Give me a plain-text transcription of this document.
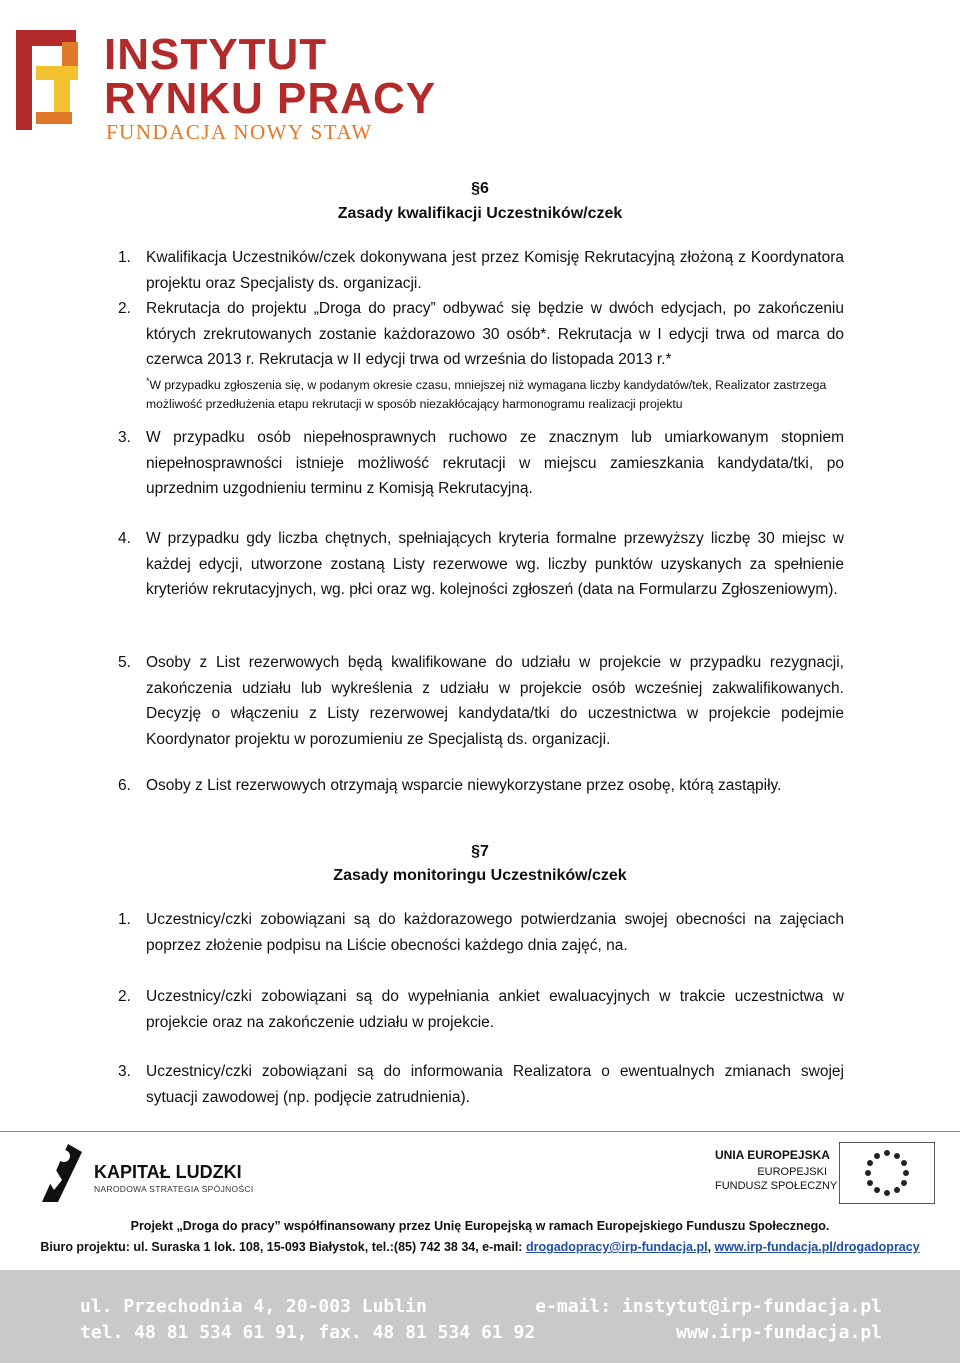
INSTYTUT
RYNKU PRACY
FUNDACJA NOWY STAW
§6
Zasady kwalifikacji Uczestników/czek
1. Kwalifikacja Uczestników/czek dokonywana jest przez Komisję Rekrutacyjną złożoną z Koordynatora projektu oraz Specjalisty ds. organizacji.
2. Rekrutacja do projektu „Droga do pracy” odbywać się będzie w dwóch edycjach, po zakończeniu których zrekrutowanych zostanie każdorazowo 30 osób*. Rekrutacja w I edycji trwa od marca do czerwca 2013 r. Rekrutacja w II edycji trwa od września do listopada 2013 r.*
*W przypadku zgłoszenia się, w podanym okresie czasu, mniejszej niż wymagana liczby kandydatów/tek, Realizator zastrzega możliwość przedłużenia etapu rekrutacji w sposób niezakłócający harmonogramu realizacji projektu
3. W przypadku osób niepełnosprawnych ruchowo ze znacznym lub umiarkowanym stopniem niepełnosprawności istnieje możliwość rekrutacji w miejscu zamieszkania kandydata/tki, po uprzednim uzgodnieniu terminu z Komisją Rekrutacyjną.
4. W przypadku gdy liczba chętnych, spełniających kryteria formalne przewyższy liczbę 30 miejsc w każdej edycji, utworzone zostaną Listy rezerwowe wg. liczby punktów uzyskanych za spełnienie kryteriów rekrutacyjnych, wg. płci oraz wg. kolejności zgłoszeń (data na Formularzu Zgłoszeniowym).
5. Osoby z List rezerwowych będą kwalifikowane do udziału w projekcie w przypadku rezygnacji, zakończenia udziału lub wykreślenia z udziału w projekcie osób wcześniej zakwalifikowanych. Decyzję o włączeniu z Listy rezerwowej kandydata/tki do uczestnictwa w projekcie podejmie Koordynator projektu w porozumieniu ze Specjalistą ds. organizacji.
6. Osoby z List rezerwowych otrzymają wsparcie niewykorzystane przez osobę, którą zastąpiły.
§7
Zasady monitoringu Uczestników/czek
1. Uczestnicy/czki zobowiązani są do każdorazowego potwierdzania swojej obecności na zajęciach poprzez złożenie podpisu na Liście obecności każdego dnia zajęć, na.
2. Uczestnicy/czki zobowiązani są do wypełniania ankiet ewaluacyjnych w trakcie uczestnictwa w projekcie oraz na zakończenie udziału w projekcie.
3. Uczestnicy/czki zobowiązani są do informowania Realizatora o ewentualnych zmianach swojej sytuacji zawodowej (np. podjęcie zatrudnienia).
KAPITAŁ LUDZKI
NARODOWA STRATEGIA SPÓJNOŚCI
UNIA EUROPEJSKA
EUROPEJSKI
FUNDUSZ SPOŁECZNY
Projekt „Droga do pracy” współfinansowany przez Unię Europejską w ramach Europejskiego Funduszu Społecznego.
Biuro projektu: ul. Suraska 1 lok. 108, 15-093 Białystok, tel.:(85) 742 38 34, e-mail: drogadopracy@irp-fundacja.pl, www.irp-fundacja.pl/drogadopracy
ul. Przechodnia 4, 20-003 Lublin
tel. 48 81 534 61 91, fax. 48 81 534 61 92
e-mail: instytut@irp-fundacja.pl
www.irp-fundacja.pl
